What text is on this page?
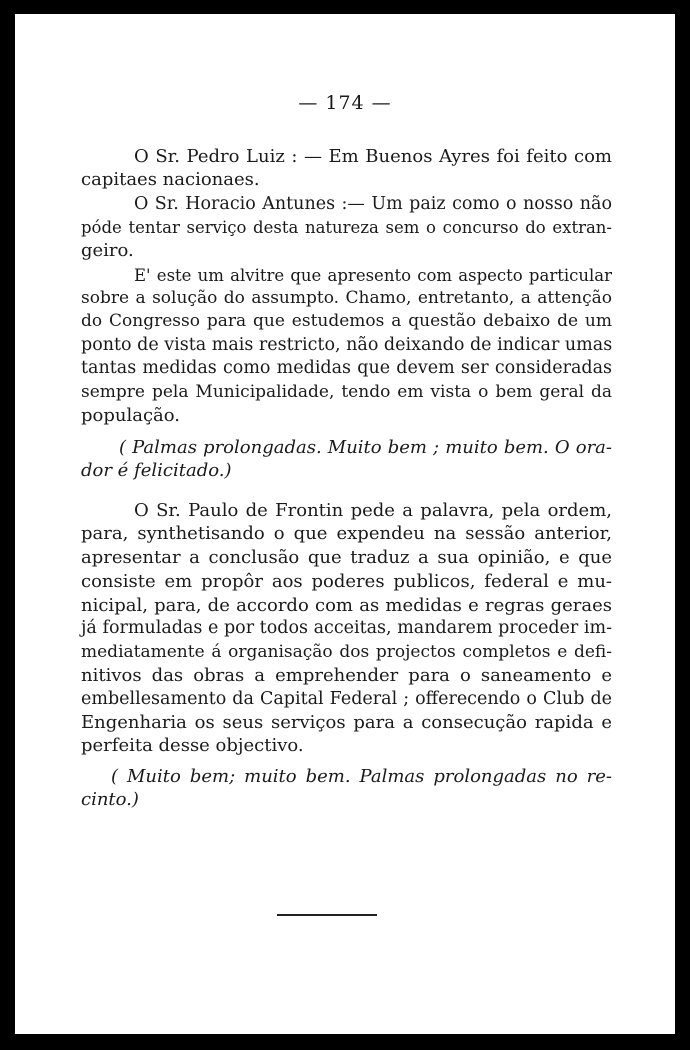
— 174 —
O Sr. Pedro Luiz : — Em Buenos Ayres foi feito com
capitaes nacionaes.
O Sr. Horacio Antunes :— Um paiz como o nosso não
póde tentar serviço desta natureza sem o concurso do extran-
geiro.
E' este um alvitre que apresento com aspecto particular
sobre a solução do assumpto. Chamo, entretanto, a attenção
do Congresso para que estudemos a questão debaixo de um
ponto de vista mais restricto, não deixando de indicar umas
tantas medidas como medidas que devem ser consideradas
sempre pela Municipalidade, tendo em vista o bem geral da
população.
( Palmas prolongadas. Muito bem ; muito bem. O ora-
dor é felicitado.)
O Sr. Paulo de Frontin pede a palavra, pela ordem,
para, synthetisando o que expendeu na sessão anterior,
apresentar a conclusão que traduz a sua opinião, e que
consiste em propôr aos poderes publicos, federal e mu-
nicipal, para, de accordo com as medidas e regras geraes
já formuladas e por todos acceitas, mandarem proceder im-
mediatamente á organisação dos projectos completos e defi-
nitivos das obras a emprehender para o saneamento e
embellesamento da Capital Federal ; offerecendo o Club de
Engenharia os seus serviços para a consecução rapida e
perfeita desse objectivo.
( Muito bem; muito bem. Palmas prolongadas no re-
cinto.)
